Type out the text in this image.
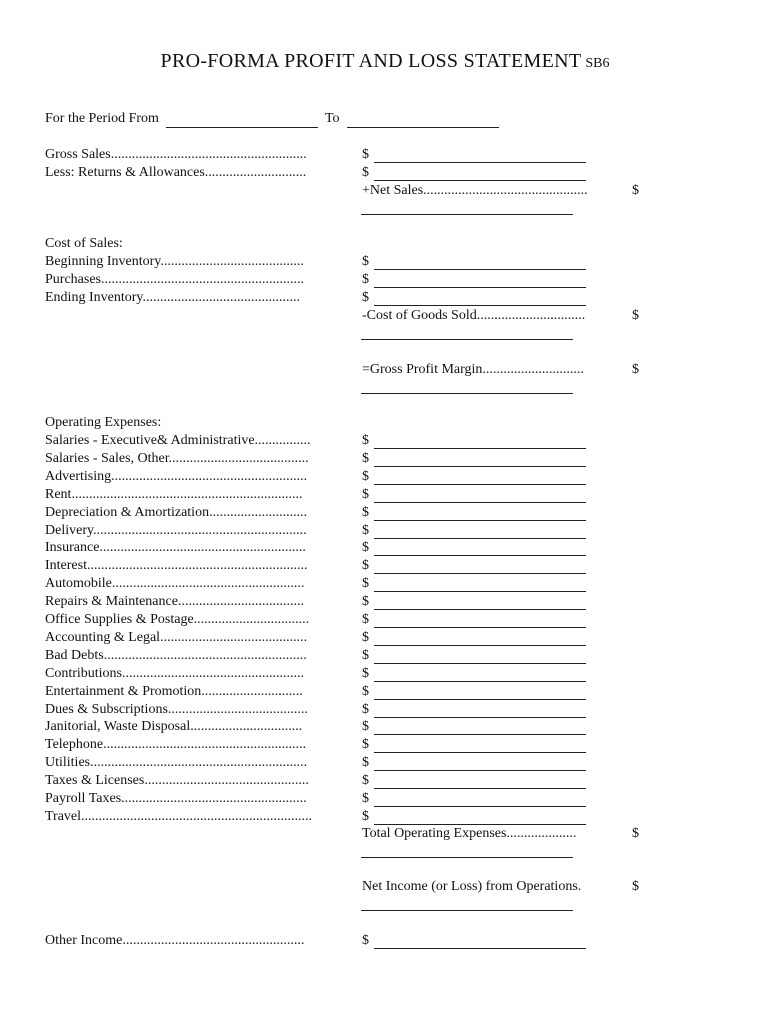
PRO-FORMA PROFIT AND LOSS STATEMENT SB6
For the Period From	To
Gross Sales........................................................	$
Less: Returns & Allowances.............................	$
+Net Sales...............................................	$
Cost of Sales:
Beginning Inventory.........................................	$
Purchases..........................................................	$
Ending Inventory.............................................	$
-Cost of Goods Sold...............................	$
=Gross Profit Margin.............................	$
Operating Expenses:
Salaries - Executive& Administrative................	$
Salaries - Sales, Other........................................	$
Advertising........................................................	$
Rent..................................................................	$
Depreciation & Amortization............................	$
Delivery.............................................................	$
Insurance...........................................................	$
Interest...............................................................	$
Automobile.......................................................	$
Repairs & Maintenance....................................	$
Office Supplies & Postage.................................	$
Accounting & Legal..........................................	$
Bad Debts..........................................................	$
Contributions....................................................	$
Entertainment & Promotion.............................	$
Dues & Subscriptions........................................	$
Janitorial, Waste Disposal................................	$
Telephone..........................................................	$
Utilities..............................................................	$
Taxes & Licenses...............................................	$
Payroll Taxes.....................................................	$
Travel..................................................................	$
Total Operating Expenses....................	$
Net Income (or Loss) from Operations.	$
Other Income....................................................	$
